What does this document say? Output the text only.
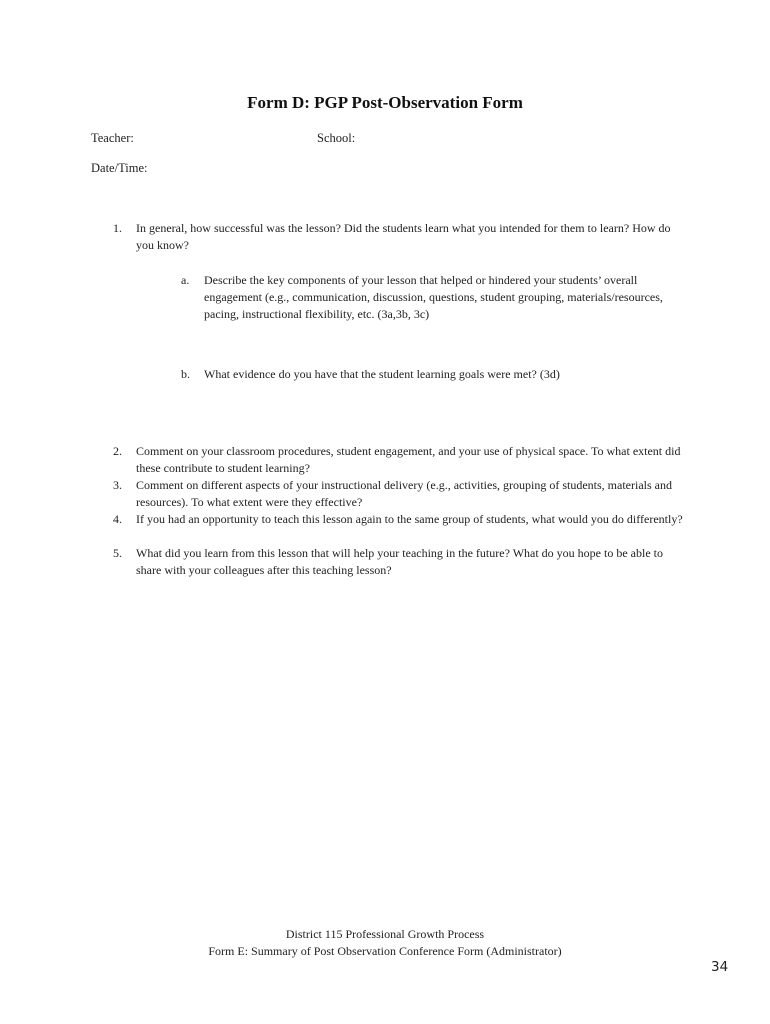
Form D: PGP Post-Observation Form
Teacher:	School:
Date/Time:
1. In general, how successful was the lesson? Did the students learn what you intended for them to learn? How do you know?
a. Describe the key components of your lesson that helped or hindered your students’ overall engagement (e.g., communication, discussion, questions, student grouping, materials/resources, pacing, instructional flexibility, etc. (3a,3b, 3c)
b. What evidence do you have that the student learning goals were met? (3d)
2. Comment on your classroom procedures, student engagement, and your use of physical space. To what extent did these contribute to student learning?
3. Comment on different aspects of your instructional delivery (e.g., activities, grouping of students, materials and resources). To what extent were they effective?
4. If you had an opportunity to teach this lesson again to the same group of students, what would you do differently?
5. What did you learn from this lesson that will help your teaching in the future? What do you hope to be able to share with your colleagues after this teaching lesson?
District 115 Professional Growth Process
Form E: Summary of Post Observation Conference Form (Administrator)
34
